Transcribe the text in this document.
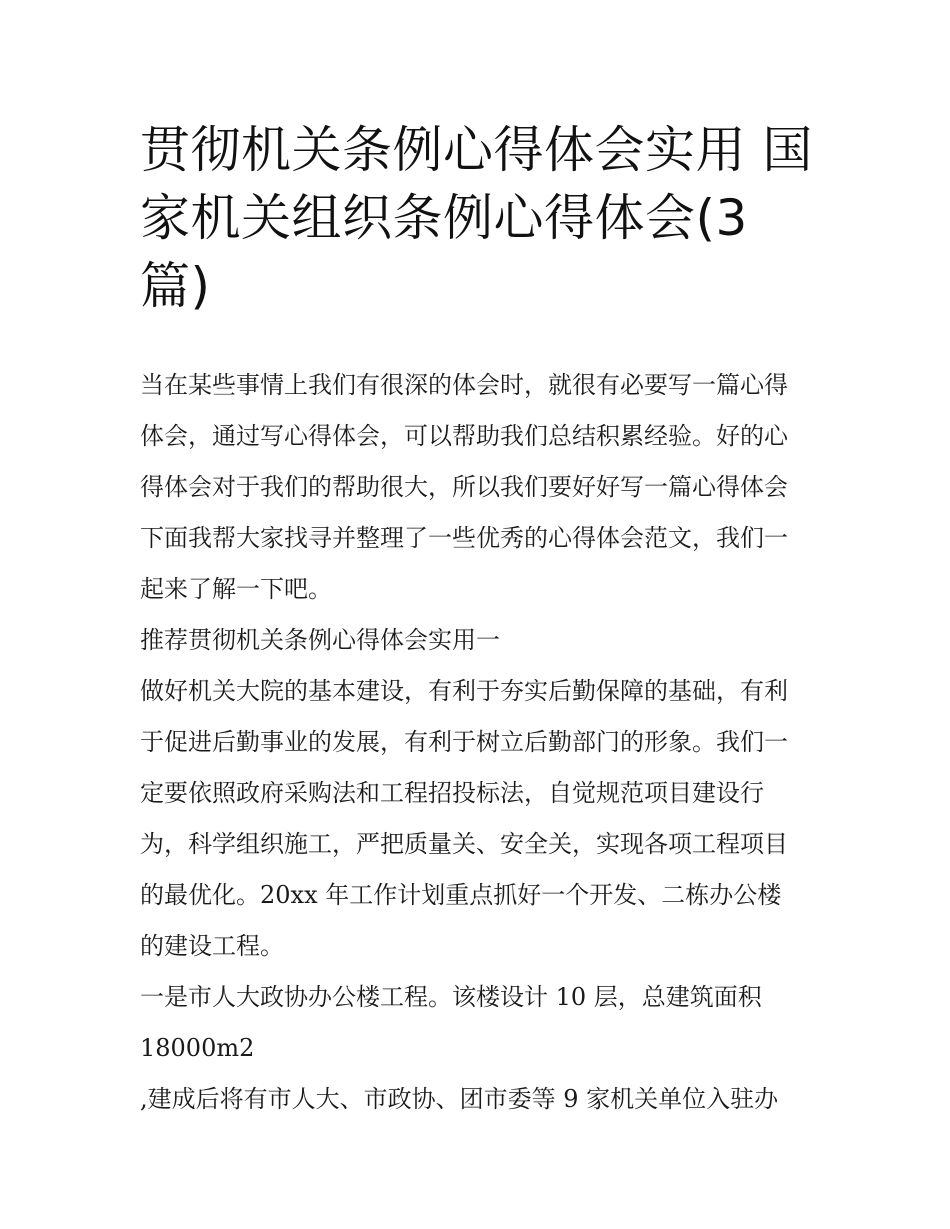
贯彻机关条例心得体会实用 国
家机关组织条例心得体会(3
篇)
当在某些事情上我们有很深的体会时，就很有必要写一篇心得
体会，通过写心得体会，可以帮助我们总结积累经验。好的心
得体会对于我们的帮助很大，所以我们要好好写一篇心得体会
下面我帮大家找寻并整理了一些优秀的心得体会范文，我们一
起来了解一下吧。
推荐贯彻机关条例心得体会实用一
做好机关大院的基本建设，有利于夯实后勤保障的基础，有利
于促进后勤事业的发展，有利于树立后勤部门的形象。我们一
定要依照政府采购法和工程招投标法，自觉规范项目建设行
为，科学组织施工，严把质量关、安全关，实现各项工程项目
的最优化。20xx 年工作计划重点抓好一个开发、二栋办公楼
的建设工程。
一是市人大政协办公楼工程。该楼设计 10 层，总建筑面积
18000m2
,建成后将有市人大、市政协、团市委等 9 家机关单位入驻办
